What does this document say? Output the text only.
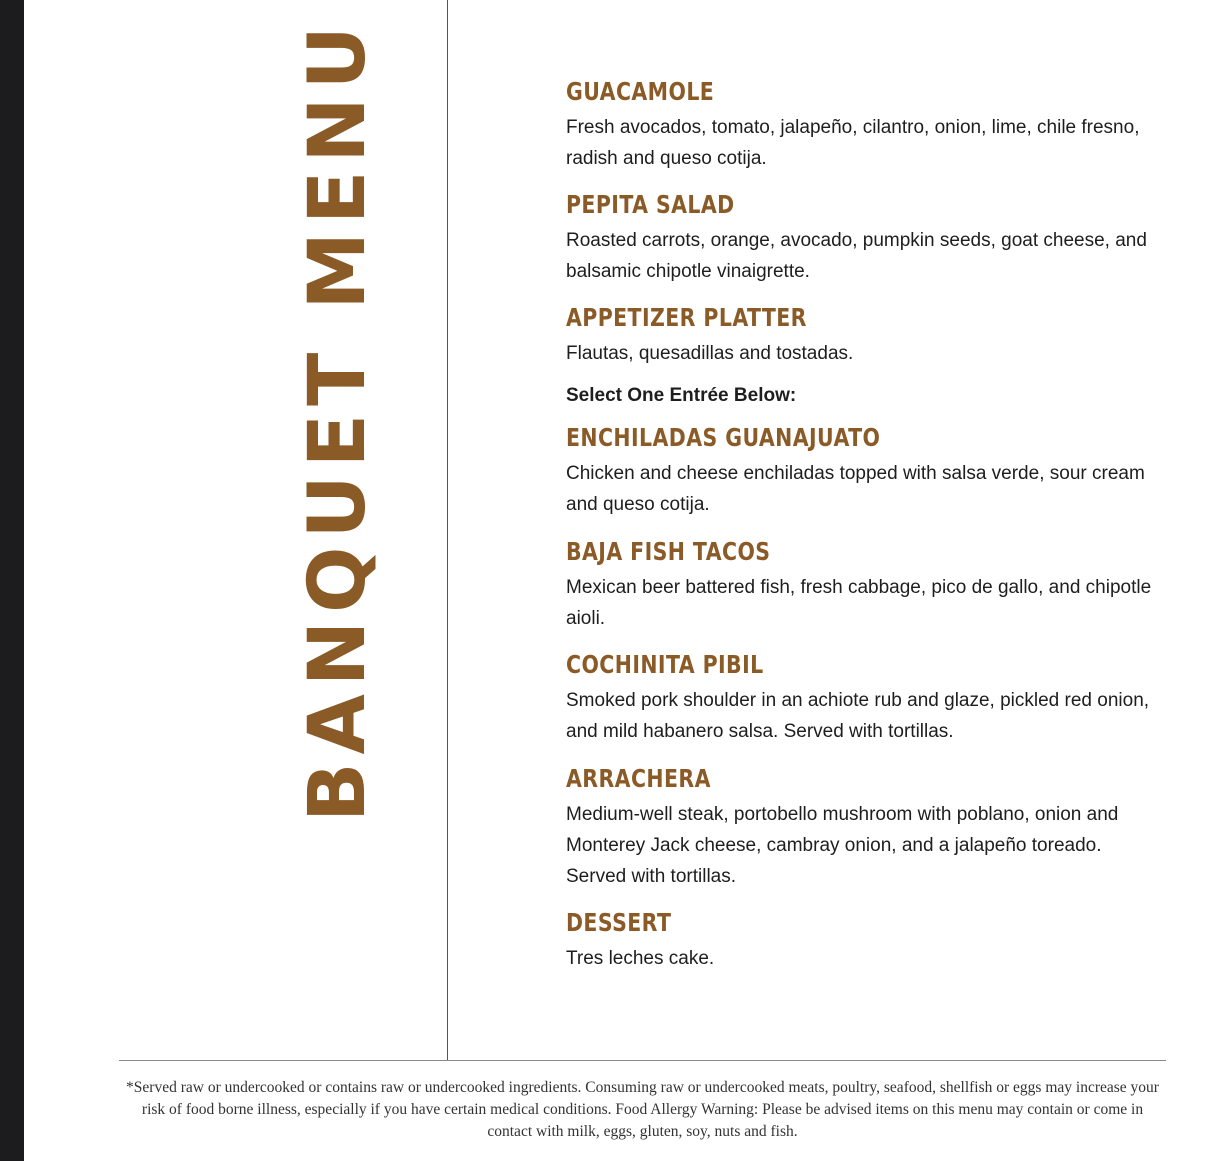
BANQUET MENU	GUACAMOLE
Fresh avocados, tomato, jalapeño, cilantro, onion, lime, chile fresno, radish and queso cotija.
PEPITA SALAD
Roasted carrots, orange, avocado, pumpkin seeds, goat cheese, and balsamic chipotle vinaigrette.
APPETIZER PLATTER
Flautas, quesadillas and tostadas.
Select One Entrée Below:
ENCHILADAS GUANAJUATO
Chicken and cheese enchiladas topped with salsa verde, sour cream and queso cotija.
BAJA FISH TACOS
Mexican beer battered fish, fresh cabbage, pico de gallo, and chipotle aioli.
COCHINITA PIBIL
Smoked pork shoulder in an achiote rub and glaze, pickled red onion, and mild habanero salsa. Served with tortillas.
ARRACHERA
Medium-well steak, portobello mushroom with poblano, onion and Monterey Jack cheese, cambray onion, and a jalapeño toreado. Served with tortillas.
DESSERT
Tres leches cake.
*Served raw or undercooked or contains raw or undercooked ingredients. Consuming raw or undercooked meats, poultry, seafood, shellfish or eggs may increase your risk of food borne illness, especially if you have certain medical conditions. Food Allergy Warning: Please be advised items on this menu may contain or come in contact with milk, eggs, gluten, soy, nuts and fish.
